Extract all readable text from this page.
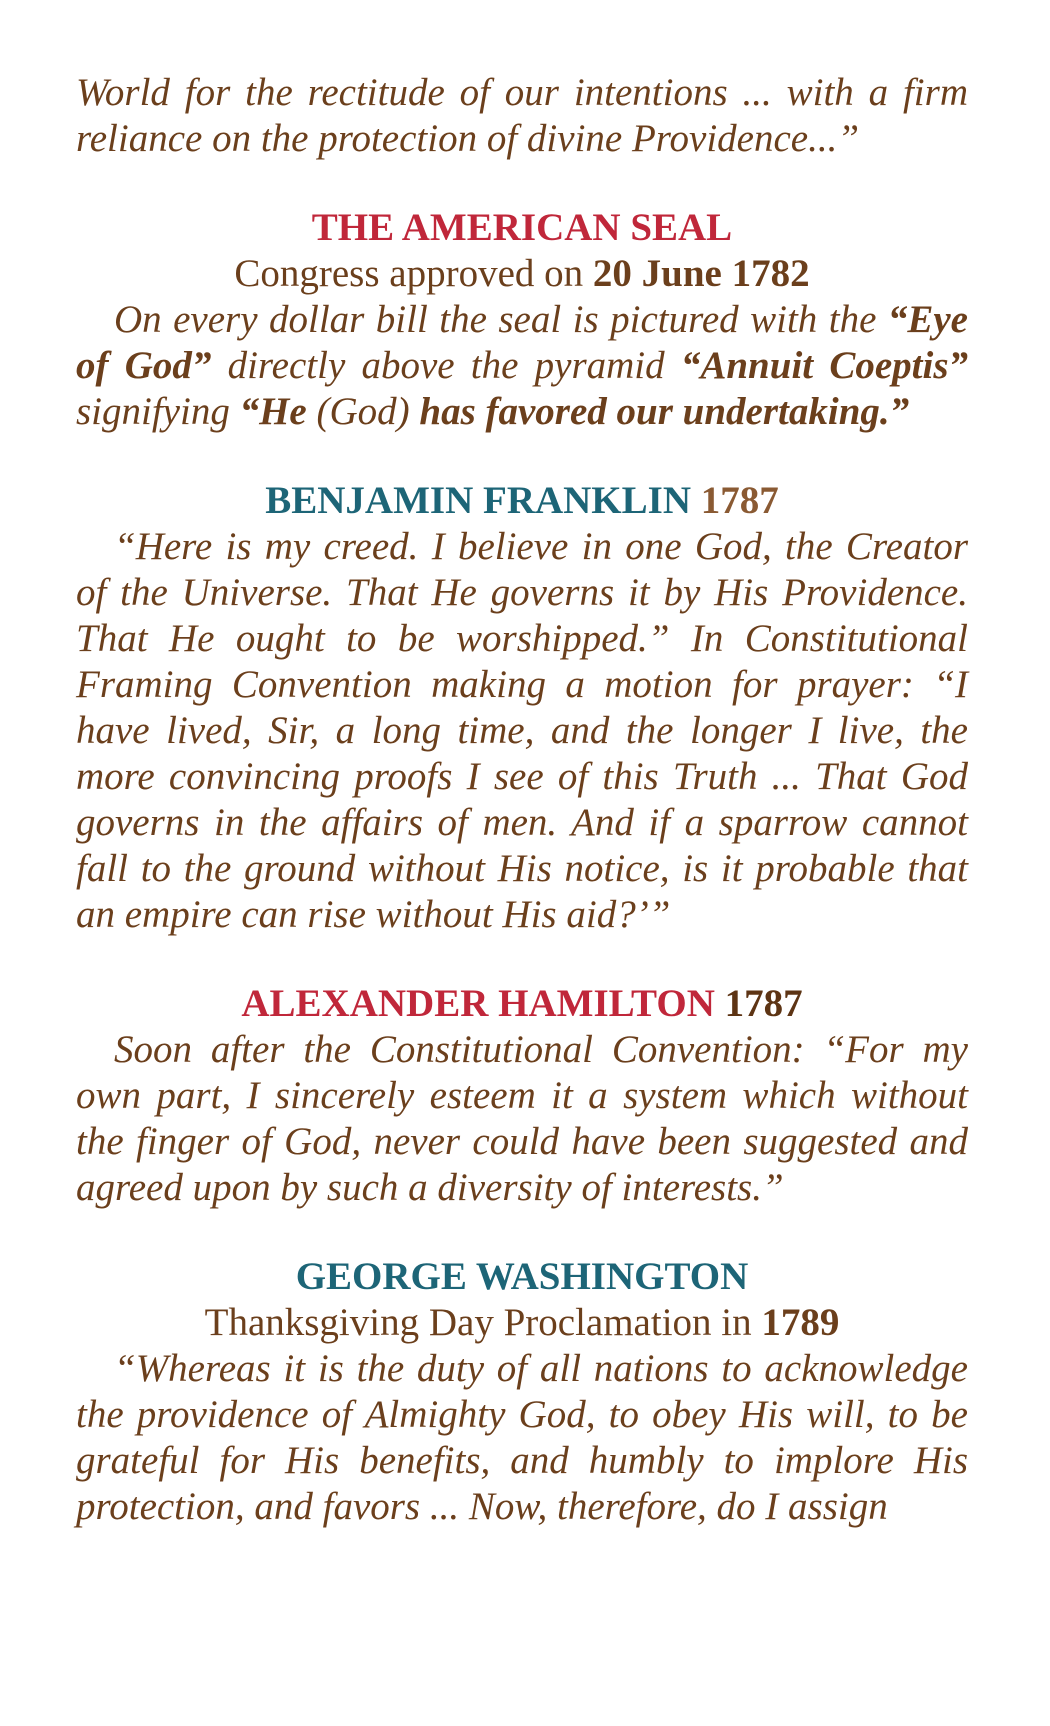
World for the rectitude of our intentions ... with a firm reliance on the protection of divine Providence...”

THE AMERICAN SEAL

Congress approved on 20 June 1782

On every dollar bill the seal is pictured with the “Eye of God” directly above the pyramid “Annuit Coeptis” signifying “He (God) has favored our undertaking.”

BENJAMIN FRANKLIN 1787

“Here is my creed. I believe in one God, the Creator of the Universe. That He governs it by His Providence. That He ought to be worshipped.” In Constitutional Framing Convention making a motion for prayer: “I have lived, Sir, a long time, and the longer I live, the more convincing proofs I see of this Truth ... That God governs in the affairs of men. And if a sparrow cannot fall to the ground without His notice, is it probable that an empire can rise without His aid?’”

ALEXANDER HAMILTON 1787

Soon after the Constitutional Convention: “For my own part, I sincerely esteem it a system which without the finger of God, never could have been suggested and agreed upon by such a diversity of interests.”

GEORGE WASHINGTON

Thanksgiving Day Proclamation in 1789

“Whereas it is the duty of all nations to acknowledge the providence of Almighty God, to obey His will, to be grateful for His benefits, and humbly to implore His protection, and favors ... Now, therefore, do I assign
